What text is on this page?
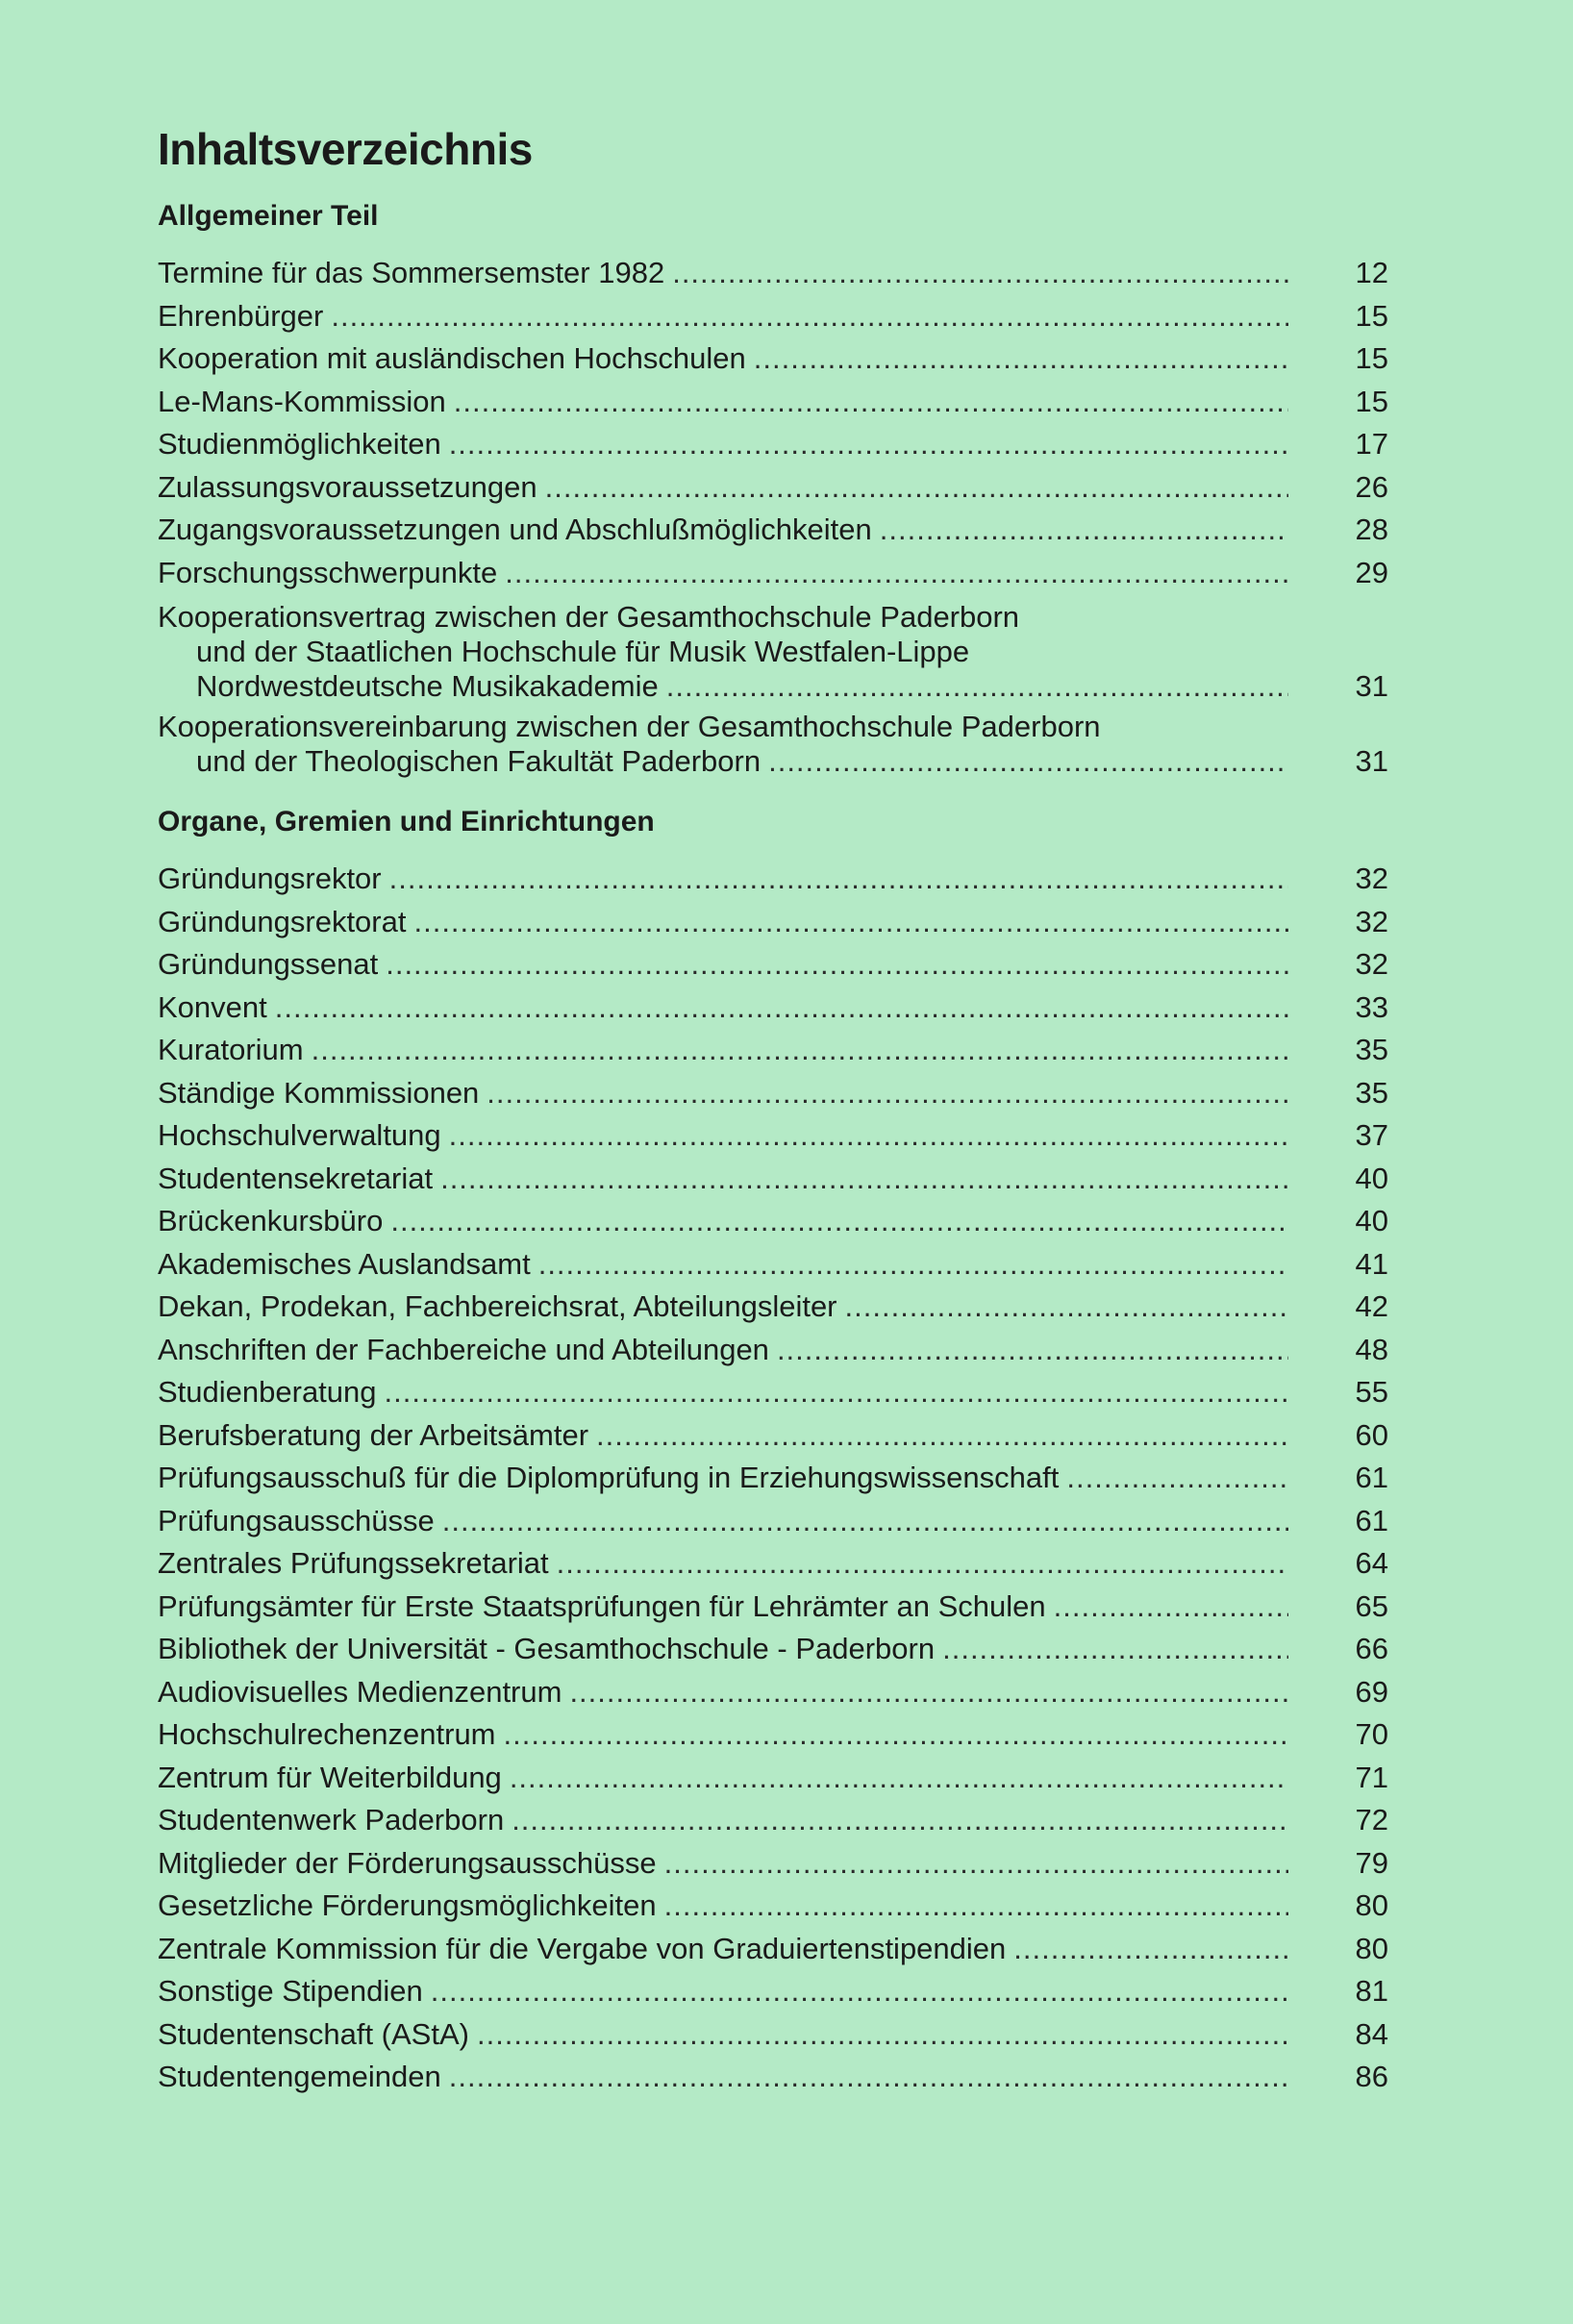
Inhaltsverzeichnis
Allgemeiner Teil
Termine für das Sommersemster 1982 .....	12
Ehrenbürger .....	15
Kooperation mit ausländischen Hochschulen .....	15
Le-Mans-Kommission .....	15
Studienmöglichkeiten .....	17
Zulassungsvoraussetzungen .....	26
Zugangsvoraussetzungen und Abschlußmöglichkeiten .....	28
Forschungsschwerpunkte .....	29
Kooperationsvertrag zwischen der Gesamthochschule Paderborn
und der Staatlichen Hochschule für Musik Westfalen-Lippe
Nordwestdeutsche Musikakademie .....	31
Kooperationsvereinbarung zwischen der Gesamthochschule Paderborn
und der Theologischen Fakultät Paderborn .....	31
Organe, Gremien und Einrichtungen
Gründungsrektor .....	32
Gründungsrektorat .....	32
Gründungssenat .....	32
Konvent .....	33
Kuratorium .....	35
Ständige Kommissionen .....	35
Hochschulverwaltung .....	37
Studentensekretariat .....	40
Brückenkursbüro .....	40
Akademisches Auslandsamt .....	41
Dekan, Prodekan, Fachbereichsrat, Abteilungsleiter .....	42
Anschriften der Fachbereiche und Abteilungen .....	48
Studienberatung .....	55
Berufsberatung der Arbeitsämter .....	60
Prüfungsausschuß für die Diplomprüfung in Erziehungswissenschaft .....	61
Prüfungsausschüsse .....	61
Zentrales Prüfungssekretariat .....	64
Prüfungsämter für Erste Staatsprüfungen für Lehrämter an Schulen .....	65
Bibliothek der Universität - Gesamthochschule - Paderborn .....	66
Audiovisuelles Medienzentrum .....	69
Hochschulrechenzentrum .....	70
Zentrum für Weiterbildung .....	71
Studentenwerk Paderborn .....	72
Mitglieder der Förderungsausschüsse .....	79
Gesetzliche Förderungsmöglichkeiten .....	80
Zentrale Kommission für die Vergabe von Graduiertenstipendien .....	80
Sonstige Stipendien .....	81
Studentenschaft (AStA) .....	84
Studentengemeinden .....	86
